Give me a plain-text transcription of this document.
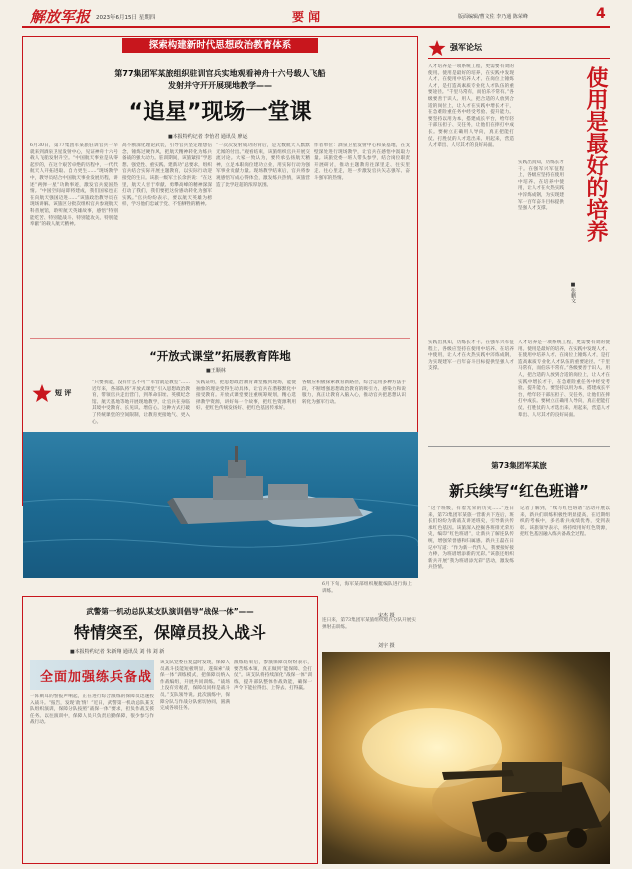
解放军报 2023年6月15日 星期四	要 闻	版面编辑/曹文佐 李乃通 陈荣峰	4
探索构建新时代思想政治教育体系
第77集团军某旅组织驻训官兵实地观看神舟十六号载人飞船
发射并守开开展现地教学——
“追星”现场一堂课
■本报特约记者 李怡君 通讯员 廖运
6月30日，第77集团军某旅驻训官兵一早就来到酒泉卫星发射中心，见证神舟十六号载人飞船发射升空。“中国航天事业是从零起步的，在这个艰苦卓绝的历程中，一代代航天人开拓进取、自力更生……”现场教学中，教导员结合中国航天事业发展历程，讲述“两弹一星”功勋事迹，激发官兵爱国热情。“中国空间站即将建成，我们国家也正在向航天强国迈进……”该旅政治教导员在现场讲解。该旅区分批次组织官兵参观航天科普展馆，聆听航天英雄故事，感悟“特别能吃苦、特别能战斗、特别能攻关、特别能奉献”的载人航天精神。
高不断深化理论武装，引导官兵坚定理想信念，锤炼过硬作风，把航天精神转化为练兵备战的强大动力。驻训期间，该旅紧扣“学思想、强党性、重实践、建新功”总要求，组织官兵结合实际开展主题教育，以实际行动迎接党的生日。该旅一级军士长余洪说：“在这里，航天人甘于奉献、勇攀高峰的精神深深打动了我们，我们要把这份感动转化为强军实践。”官兵纷纷表示，要以航天英雄为榜样，学习他们忠诚于党、不怕牺牲的精神。
“一次次发射成功的背后，是无数航天人默默无闻的付出。”观看结束，该旅组织官兵开展交流讨论。大家一致认为，要传承弘扬航天精神，立足本职岗位建功立业，用实际行动为强军事业贡献力量。现场教学结束后，官兵将参观感悟写成心得体会，激发练兵热情，该旅营造了比学赶超的浓厚氛围。
作者单位：酒泉卫星发射中心和某基地，在戈壁深处进行现场教学，让官兵在感悟中汲取力量。该旅党委一班人带头参学，结合岗位职责开展研讨，推动主题教育往深里走、往实里走、往心里走，进一步激发官兵矢志强军、奋斗强军的热情。
“开放式课堂”拓展教育阵地
■王顺林
短 评
“只要我能，没有什么不可”“军营就是教室”……近年来，各部队将“开放式课堂”引入思想政治教育，带领官兵走出营门，到革命旧址、英模纪念馆、航天基地等地开展现地教学，让官兵在身临其境中受教育、长见识、增信心。这种方式打破了传统课堂的空间限制，让教育更接地气、更入心。
实践证明，把思想政治教育课堂搬到现场，能使抽象的理论变得生动具体，让官兵在潜移默化中接受教育。开放式课堂要注重统筹规划，精心选择教学资源，讲好每一个故事，把红色资源利用好、把红色传统发扬好、把红色基因传承好。
各级应积极探索教育新路径，综合运用多种方法手段，不断增强思想政治教育的吸引力、感染力和说服力，真正让教育入脑入心，推动官兵把思想认识转化为强军行动。
6月下旬，海军某部组织舰艇编队进行海上训练。
宋杰 摄
强军论坛
使用是最好的培养
■张鹏文
人才培养是一项系统工程，更需要有效的使用。使用是最好的培养，在实践中发现人才、在使用中培养人才、在岗位上锤炼人才，是打造高素质专业化人才队伍的重要途径。“千里马常有，而伯乐不常有。”各级要善于识人、用人，把合适的人放到合适的岗位上，让人才在实践中增长才干，在急难险重任务中经受考验、提升能力。要坚持以用为本，搭建成长平台，给年轻干部压担子、交任务，让他们在摔打中成长。要树立正确用人导向，真正把能打仗、打胜仗的人才选出来、用起来，营造人才辈出、人尽其才的良好局面。
实践出真知，历练长才干。在强军兴军征程上，各级应坚持在使用中培养、在培养中使用，让人才在火热实践中淬炼成钢，为实现建军一百年奋斗目标提供坚强人才支撑。
实践出真知，历练长才干。在强军兴军征程上，各级应坚持在使用中培养、在培养中使用，让人才在火热实践中淬炼成钢，为实现建军一百年奋斗目标提供坚强人才支撑。
人才培养是一项系统工程，更需要有效的使用。使用是最好的培养，在实践中发现人才、在使用中培养人才、在岗位上锤炼人才，是打造高素质专业化人才队伍的重要途径。“千里马常有，而伯乐不常有。”各级要善于识人、用人，把合适的人放到合适的岗位上，让人才在实践中增长才干，在急难险重任务中经受考验、提升能力。要坚持以用为本，搭建成长平台，给年轻干部压担子、交任务，让他们在摔打中成长。要树立正确用人导向，真正把能打仗、打胜仗的人才选出来、用起来，营造人才辈出、人尽其才的良好局面。
第73集团军某旅
新兵续写“红色班谱”
“这个班级，有着光荣的历史……”连日来，第73集团军某旅一营新兵下连后，班长们纷纷为新战友讲述班史，引导新兵传承红色基因。该旅深入挖掘各班排光荣历史，编印“红色班谱”，让新兵了解连队传统，增强荣誉感和归属感。新兵王磊在日记中写道：“作为新一代传人，我要接好接力棒，为班谱增添新的光彩。”该旅还组织新兵开展“我为班谱添光彩”活动，激发练兵热情。
记者了解到，“续写红色班谱”活动开展以来，新兵们训练积极性明显提高，在近期组织的考核中，多名新兵成绩优秀，受到表彰。该旅领导表示，将持续用好红色资源，把红色基因融入练兵备战全过程。
武警第一机动总队某支队演训倡导“战保一体”——
特情突至，保障员投入战斗
■本报特约记者 朱新翔 通讯员 刘 伟 刘 新
全面加强练兵备战
一阵刺耳的警报声响起，正在进行综合演练的保障员迅速投入战斗。“报告，发现‘敌’情！”近日，武警第一机动总队某支队组织演训，保障分队按照“战保一体”要求，担负作战支援任务。以往演训中，保障人员只负责后勤保障，很少参与作战行动。
该支队党委在复盘时发现，保障人员战斗技能短板明显，遂探索“战保一体”训练模式，把保障员纳入作战编组，开展共同训练。“战场上没有旁观者，保障员同样是战斗员。”支队领导说。此次演练中，保障分队与作战分队密切协同，圆满完成各项任务。
演练结束后，参演保障员纷纷表示，要苦练本领，真正做到“能保障、会打仗”。该支队将持续深化“战保一体”训练，提升部队整体作战效能，确保一声令下能拉得出、上得去、打得赢。
连日来，第73集团军某旅组织炮兵分队开展实弹射击训练。
刘宇 摄
